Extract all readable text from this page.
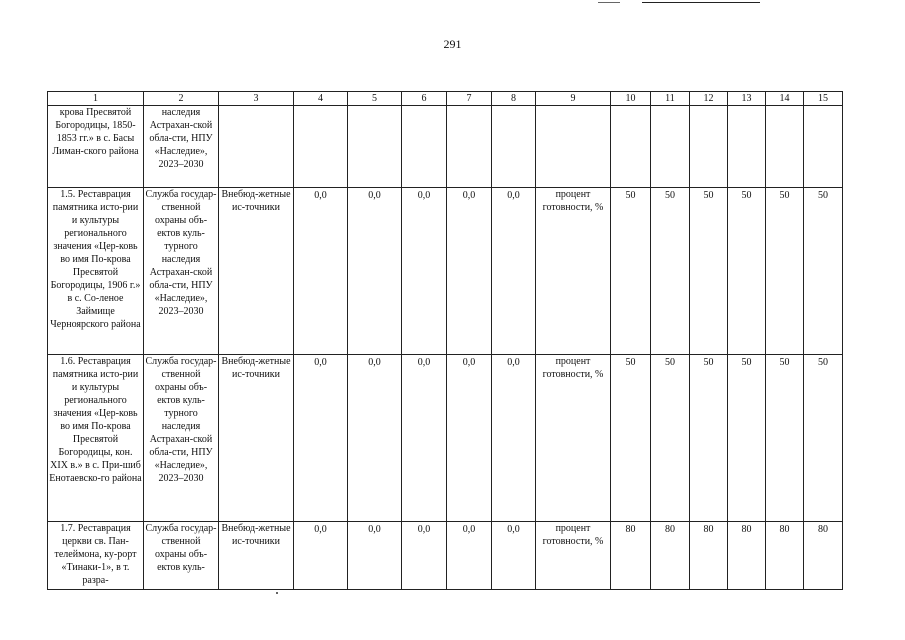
291
1	2	3	4	5	6	7	8	9	10	11	12	13	14	15
крова Пресвятой Богородицы, 1850-1853 гг.» в с. Басы Лиман-ского района	наследия Астрахан-ской обла-сти, НПУ «Наследие», 2023–2030													
1.5. Реставрация памятника исто-рии и культуры регионального значения «Цер-ковь во имя По-крова Пресвятой Богородицы, 1906 г.» в с. Со-леное Займище Черноярского района	Служба государ-ственной охраны объ-ектов куль-турного наследия Астрахан-ской обла-сти, НПУ «Наследие», 2023–2030	Внебюд-жетные ис-точники	0,0	0,0	0,0	0,0	0,0	процент готовности, %	50	50	50	50	50	50
1.6. Реставрация памятника исто-рии и культуры регионального значения «Цер-ковь во имя По-крова Пресвятой Богородицы, кон. XIX в.» в с. При-шиб Енотаевско-го района	Служба государ-ственной охраны объ-ектов куль-турного наследия Астрахан-ской обла-сти, НПУ «Наследие», 2023–2030	Внебюд-жетные ис-точники	0,0	0,0	0,0	0,0	0,0	процент готовности, %	50	50	50	50	50	50
1.7. Реставрация церкви св. Пан-телеймона, ку-рорт «Тинаки-1», в т. разра-	Служба государ-ственной охраны объ-ектов куль-	Внебюд-жетные ис-точники	0,0	0,0	0,0	0,0	0,0	процент готовности, %	80	80	80	80	80	80
